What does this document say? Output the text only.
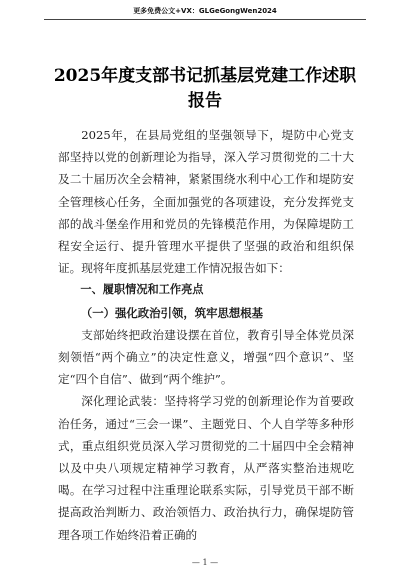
更多免费公文+VX：GLGeGongWen2024
2025年度支部书记抓基层党建工作述职
报告

2025年，在县局党组的坚强领导下，堤防中心党支部坚持以党的创新理论为指导，深入学习贯彻党的二十大及二十届历次全会精神，紧紧围绕水利中心工作和堤防安全管理核心任务，全面加强党的各项建设，充分发挥党支部的战斗堡垒作用和党员的先锋模范作用，为保障堤防工程安全运行、提升管理水平提供了坚强的政治和组织保证。现将年度抓基层党建工作情况报告如下：

一、履职情况和工作亮点

（一）强化政治引领，筑牢思想根基

支部始终把政治建设摆在首位，教育引导全体党员深刻领悟“两个确立”的决定性意义，增强“四个意识”、坚定“四个自信”、做到“两个维护”。

深化理论武装：坚持将学习党的创新理论作为首要政治任务，通过“三会一课”、主题党日、个人自学等多种形式，重点组织党员深入学习贯彻党的二十届四中全会精神以及中央八项规定精神学习教育，从严落实整治违规吃喝。在学习过程中注重理论联系实际，引导党员干部不断提高政治判断力、政治领悟力、政治执行力，确保堤防管理各项工作始终沿着正确的

— 1 —
